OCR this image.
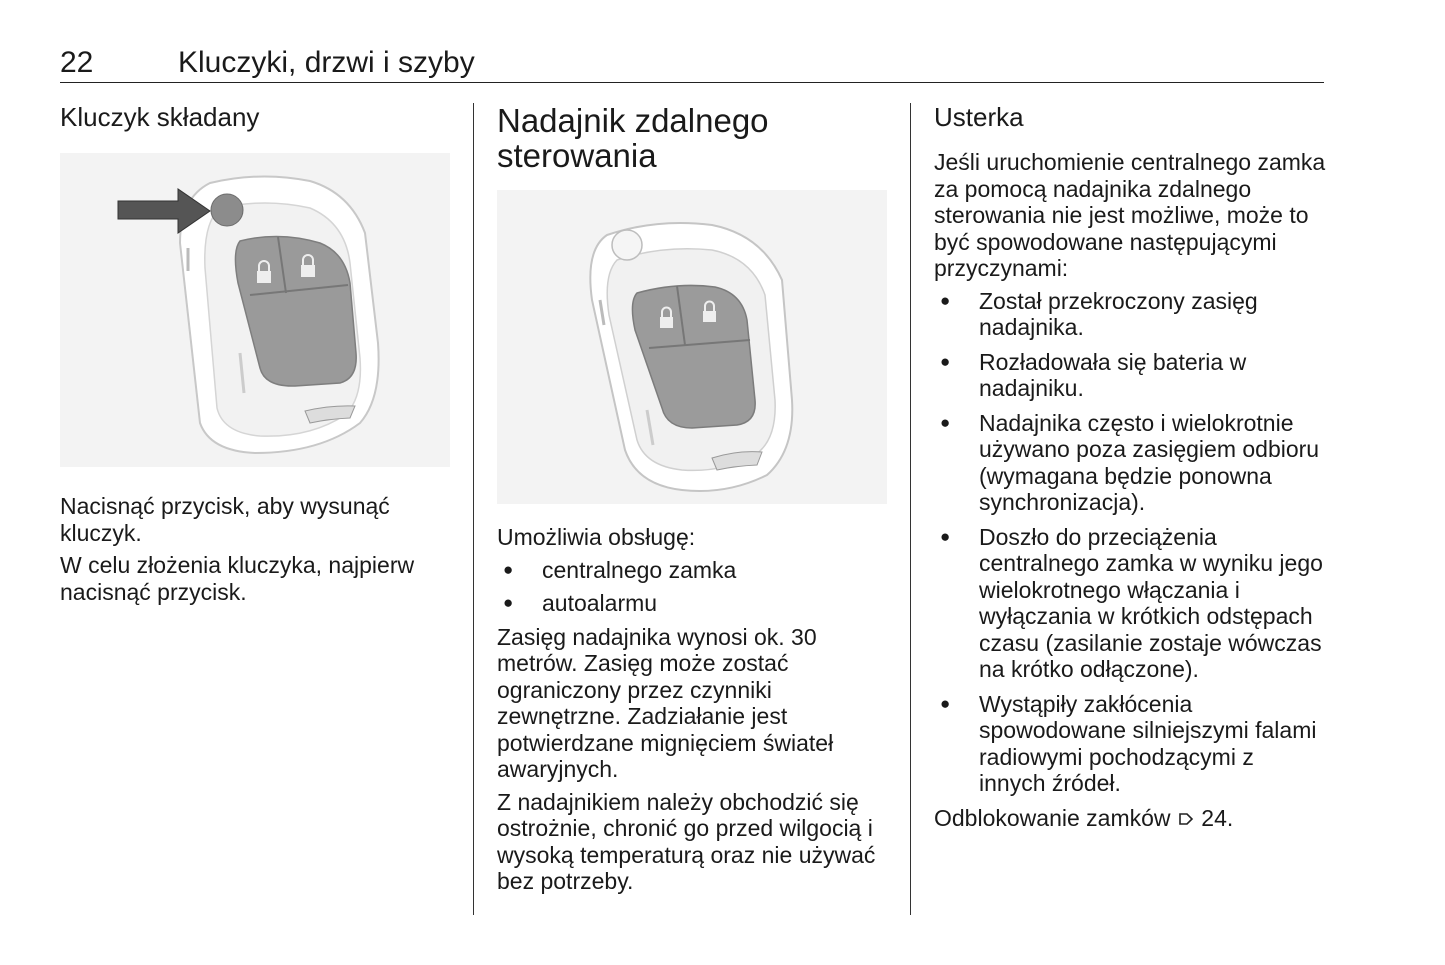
22	Kluczyki, drzwi i szyby
Kluczyk składany

Nacisnąć przycisk, aby wysunąć kluczyk.

W celu złożenia kluczyka, najpierw nacisnąć przycisk.

Nadajnik zdalnego sterowania

Umożliwia obsługę:

● centralnego zamka
● autoalarmu

Zasięg nadajnika wynosi ok. 30 metrów. Zasięg może zostać ograniczony przez czynniki zewnętrzne. Zadziałanie jest potwierdzane mignięciem świateł awaryjnych.

Z nadajnikiem należy obchodzić się ostrożnie, chronić go przed wilgocią i wysoką temperaturą oraz nie używać bez potrzeby.

Usterka

Jeśli uruchomienie centralnego zamka za pomocą nadajnika zdalnego sterowania nie jest możliwe, może to być spowodowane następującymi przyczynami:

● Został przekroczony zasięg nadajnika.
● Rozładowała się bateria w nadajniku.
● Nadajnika często i wielokrotnie używano poza zasięgiem odbioru (wymagana będzie ponowna synchronizacja).
● Doszło do przeciążenia centralnego zamka w wyniku jego wielokrotnego włączania i wyłączania w krótkich odstępach czasu (zasilanie zostaje wówczas na krótko odłączone).
● Wystąpiły zakłócenia spowodowane silniejszymi falami radiowymi pochodzącymi z innych źródeł.

Odblokowanie zamków 24.
